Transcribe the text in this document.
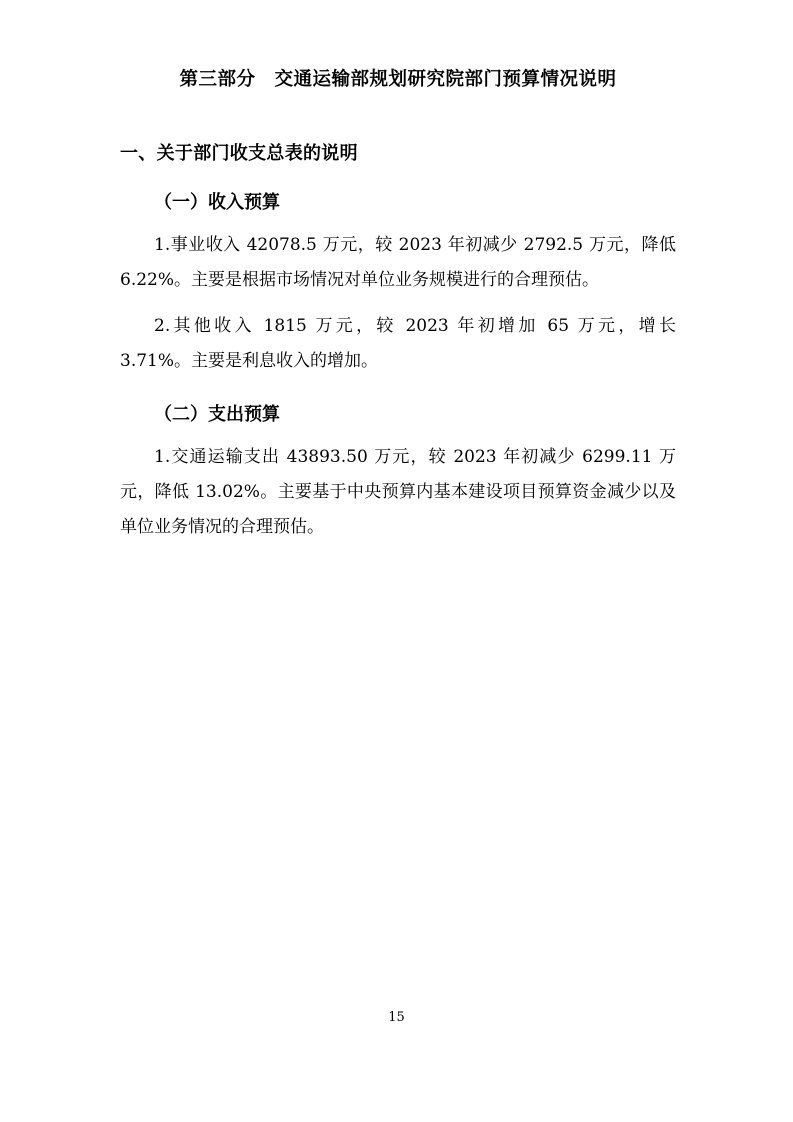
第三部分　交通运输部规划研究院部门预算情况说明
一、关于部门收支总表的说明
（一）收入预算

1.事业收入 42078.5 万元，较 2023 年初减少 2792.5 万元，降低 6.22%。主要是根据市场情况对单位业务规模进行的合理预估。

2.其他收入 1815 万元，较 2023 年初增加 65 万元，增长 3.71%。主要是利息收入的增加。

（二）支出预算

1.交通运输支出 43893.50 万元，较 2023 年初减少 6299.11 万元，降低 13.02%。主要基于中央预算内基本建设项目预算资金减少以及单位业务情况的合理预估。

15
